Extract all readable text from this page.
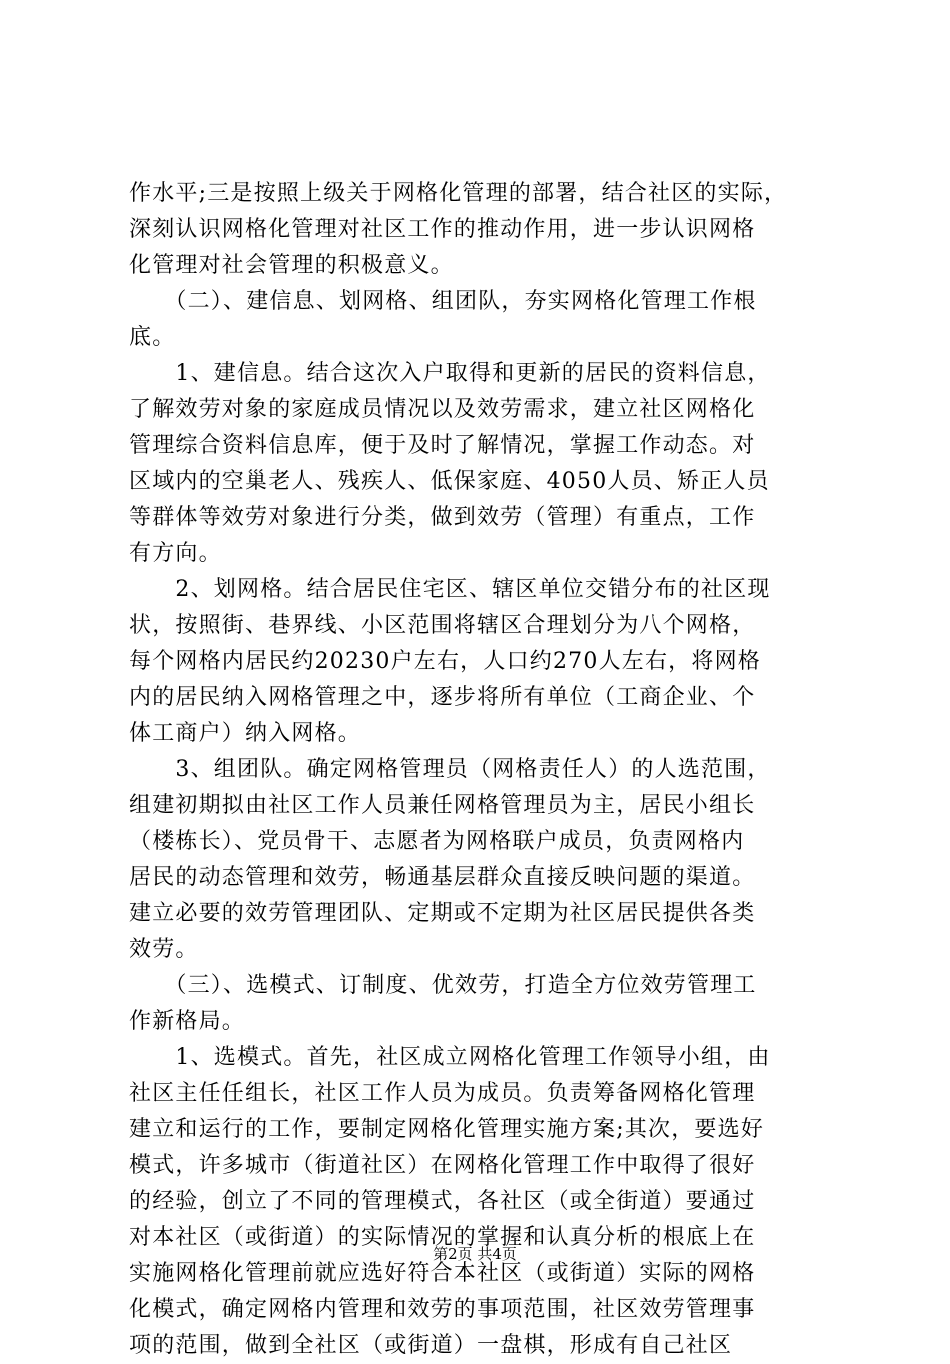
作水平;三是按照上级关于网格化管理的部署，结合社区的实际，
深刻认识网格化管理对社区工作的推动作用，进一步认识网格
化管理对社会管理的积极意义。
　　（二）、建信息、划网格、组团队，夯实网格化管理工作根
底。
　　1、建信息。结合这次入户取得和更新的居民的资料信息，
了解效劳对象的家庭成员情况以及效劳需求，建立社区网格化
管理综合资料信息库，便于及时了解情况，掌握工作动态。对
区域内的空巢老人、残疾人、低保家庭、4050人员、矫正人员
等群体等效劳对象进行分类，做到效劳（管理）有重点，工作
有方向。
　　2、划网格。结合居民住宅区、辖区单位交错分布的社区现
状，按照街、巷界线、小区范围将辖区合理划分为八个网格，
每个网格内居民约20230户左右，人口约270人左右，将网格
内的居民纳入网格管理之中，逐步将所有单位（工商企业、个
体工商户）纳入网格。
　　3、组团队。确定网格管理员（网格责任人）的人选范围，
组建初期拟由社区工作人员兼任网格管理员为主，居民小组长
（楼栋长）、党员骨干、志愿者为网格联户成员，负责网格内
居民的动态管理和效劳，畅通基层群众直接反映问题的渠道。
建立必要的效劳管理团队、定期或不定期为社区居民提供各类
效劳。
　　（三）、选模式、订制度、优效劳，打造全方位效劳管理工
作新格局。
　　1、选模式。首先，社区成立网格化管理工作领导小组，由
社区主任任组长，社区工作人员为成员。负责筹备网格化管理
建立和运行的工作，要制定网格化管理实施方案;其次，要选好
模式，许多城市（街道社区）在网格化管理工作中取得了很好
的经验，创立了不同的管理模式，各社区（或全街道）要通过
对本社区（或街道）的实际情况的掌握和认真分析的根底上在
实施网格化管理前就应选好符合本社区（或街道）实际的网格
化模式，确定网格内管理和效劳的事项范围，社区效劳管理事
项的范围，做到全社区（或街道）一盘棋，形成有自己社区
第2页 共4页
